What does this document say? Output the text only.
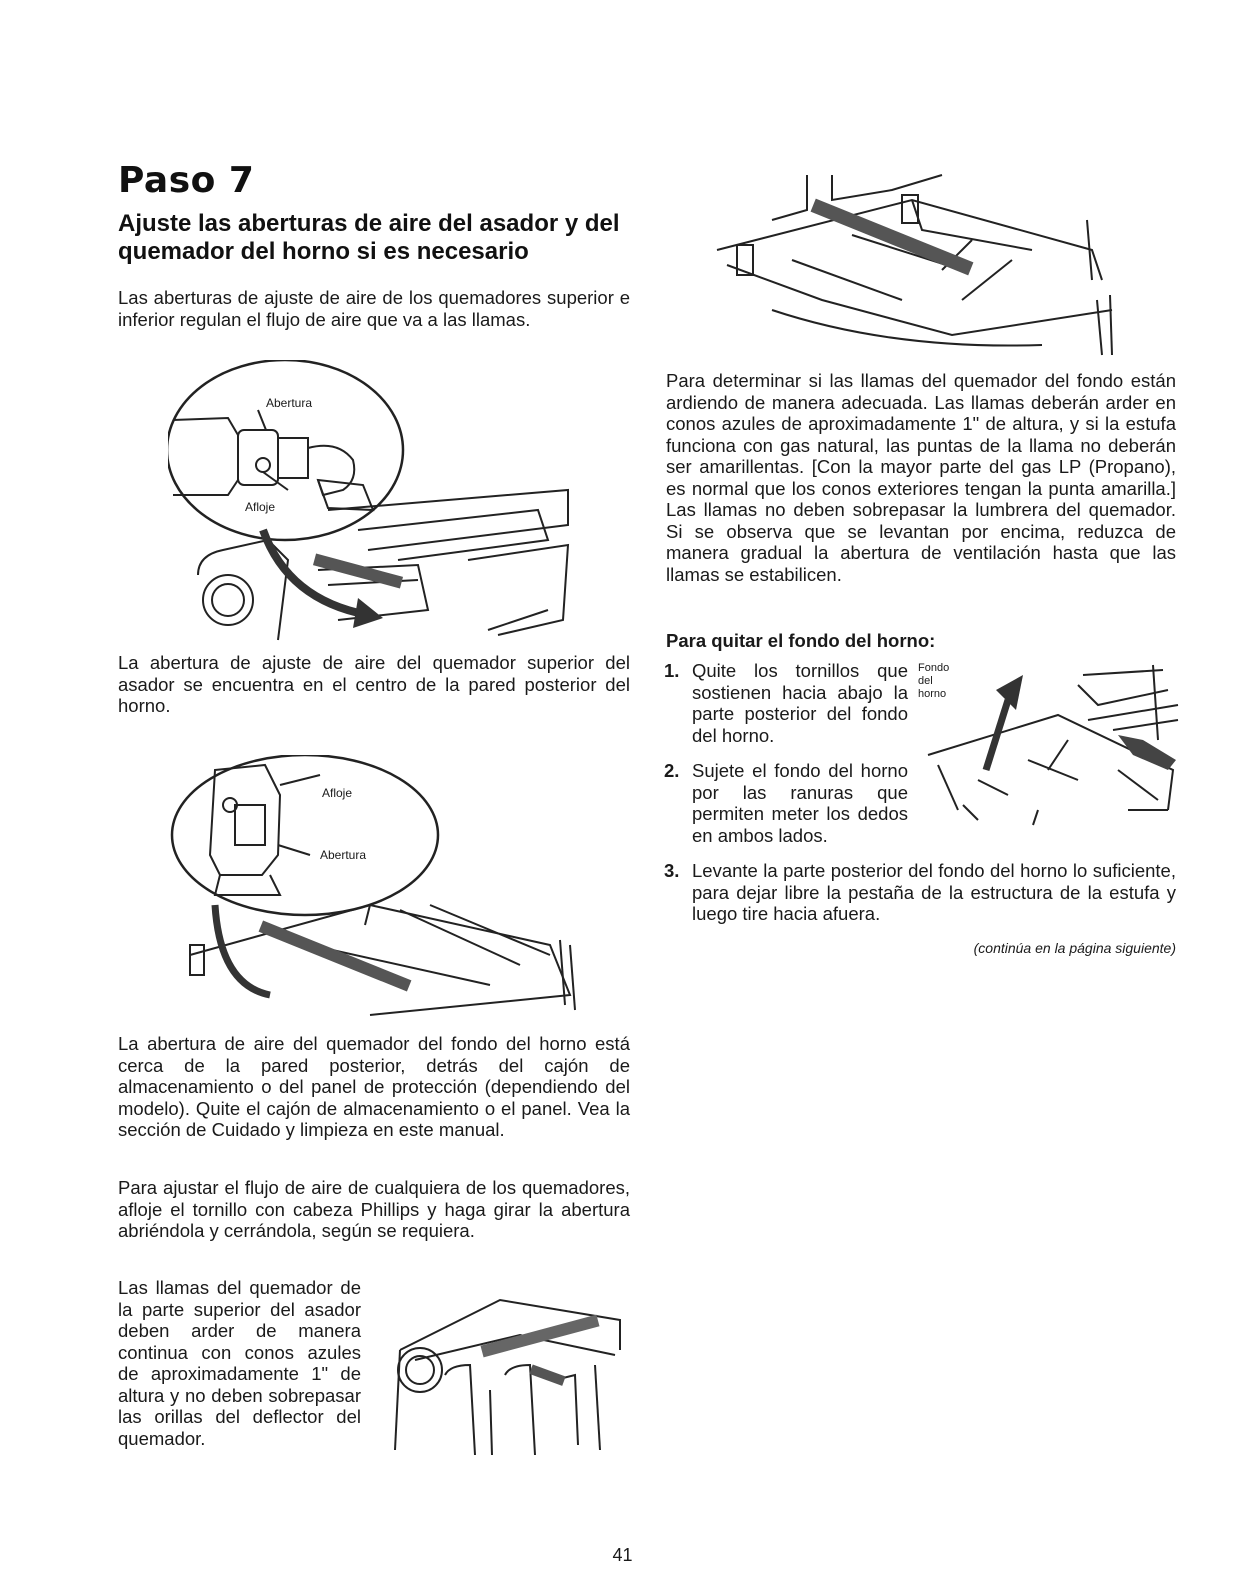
Paso 7
Ajuste las aberturas de aire del asador y del quemador del horno si es necesario

Las aberturas de ajuste de aire de los quemadores superior e inferior regulan el flujo de aire que va a las llamas.

Abertura
Afloje

La abertura de ajuste de aire del quemador superior del asador se encuentra en el centro de la pared posterior del horno.

Afloje
Abertura

La abertura de aire del quemador del fondo del horno está cerca de la pared posterior, detrás del cajón de almacenamiento o del panel de protección (dependiendo del modelo). Quite el cajón de almacenamiento o el panel. Vea la sección de Cuidado y limpieza en este manual.

Para ajustar el flujo de aire de cualquiera de los quemadores, afloje el tornillo con cabeza Phillips y haga girar la abertura abriéndola y cerrándola, según se requiera.

Las llamas del quemador de la parte superior del asador deben arder de manera continua con conos azules de aproximadamente 1" de altura y no deben sobrepasar las orillas del deflector del quemador.

Para determinar si las llamas del quemador del fondo están ardiendo de manera adecuada. Las llamas deberán arder en conos azules de aproximadamente 1" de altura, y si la estufa funciona con gas natural, las puntas de la llama no deberán ser amarillentas. [Con la mayor parte del gas LP (Propano), es normal que los conos exteriores tengan la punta amarilla.] Las llamas no deben sobrepasar la lumbrera del quemador. Si se observa que se levantan por encima, reduzca de manera gradual la abertura de ventilación hasta que las llamas se estabilicen.

Para quitar el fondo del horno:
1. Quite los tornillos que sostienen hacia abajo la parte posterior del fondo del horno.
2. Sujete el fondo del horno por las ranuras que permiten meter los dedos en ambos lados.
Fondo
del
horno
3. Levante la parte posterior del fondo del horno lo suficiente, para dejar libre la pestaña de la estructura de la estufa y luego tire hacia afuera.
(continúa en la página siguiente)
41
